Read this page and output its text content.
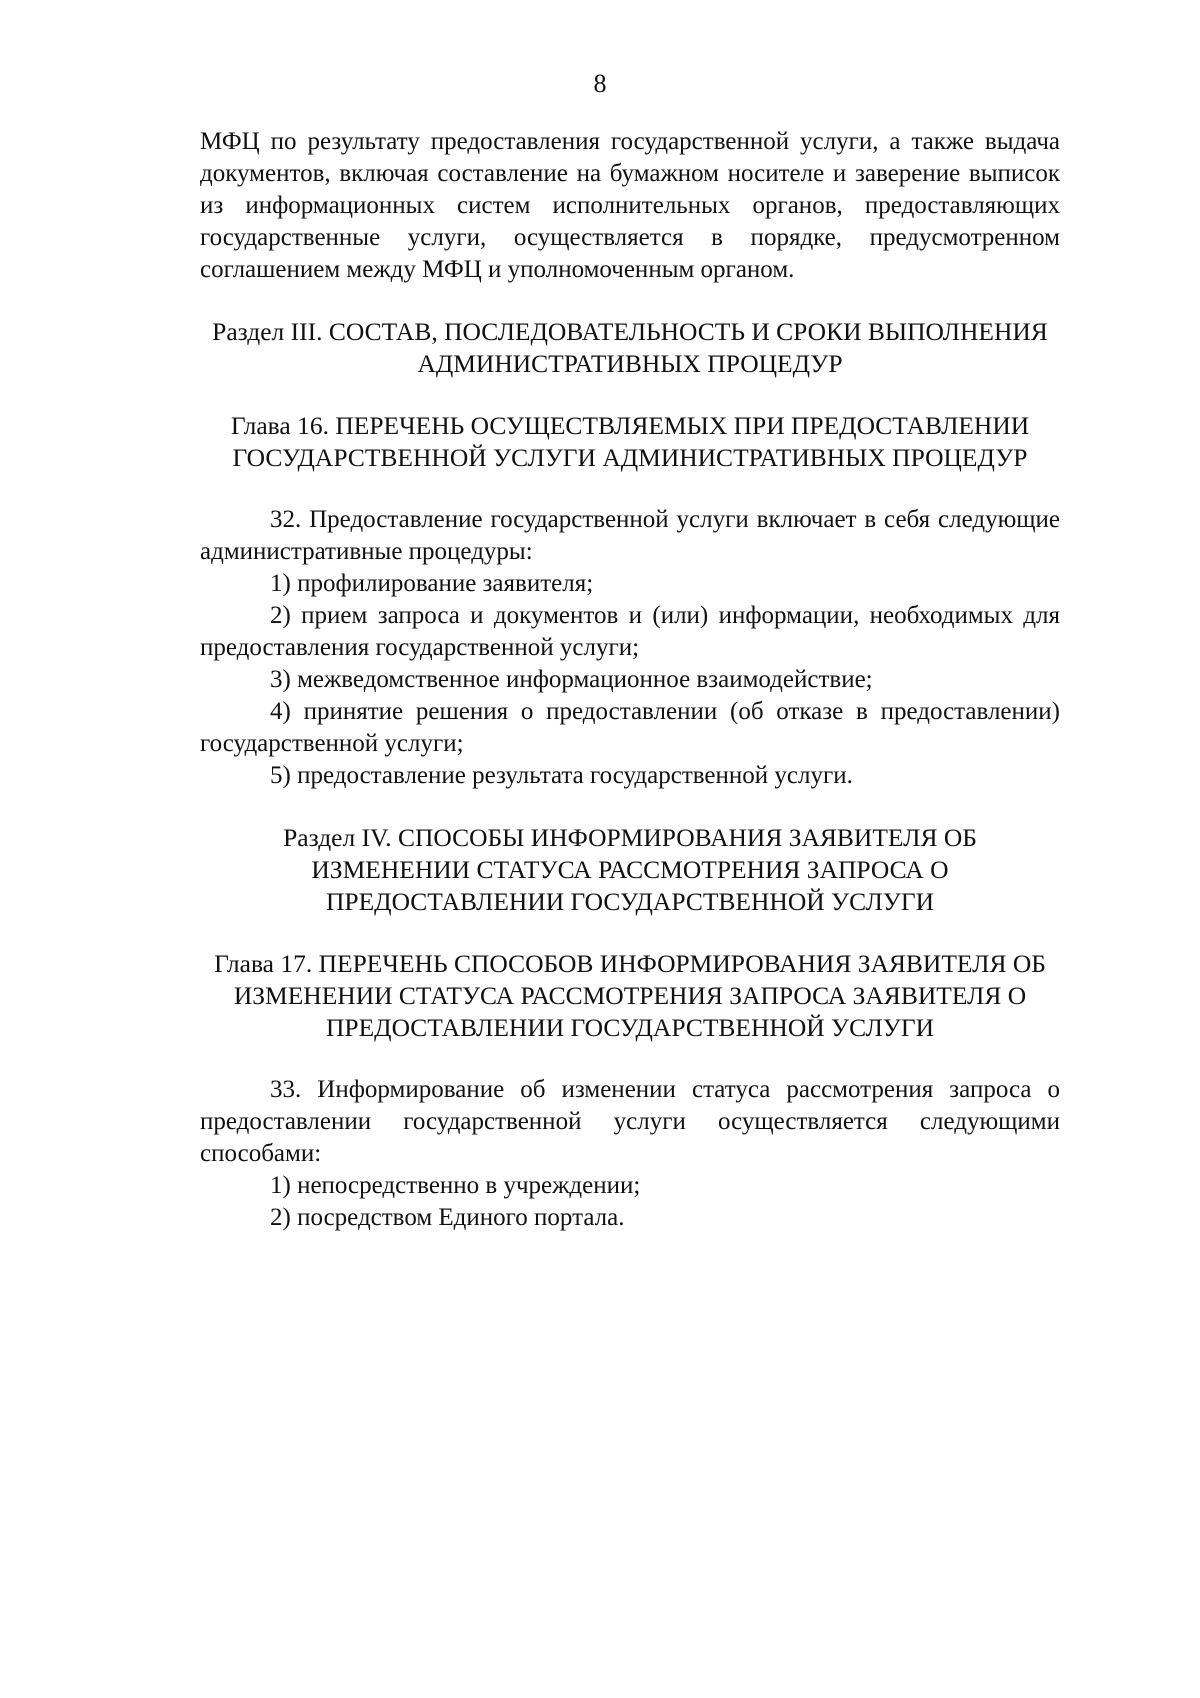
8

МФЦ по результату предоставления государственной услуги, а также выдача

документов, включая составление на бумажном носителе и заверение выписок

из информационных систем исполнительных органов, предоставляющих

государственные услуги, осуществляется в порядке, предусмотренном

соглашением между МФЦ и уполномоченным органом.

Раздел III. СОСТАВ, ПОСЛЕДОВАТЕЛЬНОСТЬ И СРОКИ ВЫПОЛНЕНИЯ

АДМИНИСТРАТИВНЫХ ПРОЦЕДУР

Глава 16. ПЕРЕЧЕНЬ ОСУЩЕСТВЛЯЕМЫХ ПРИ ПРЕДОСТАВЛЕНИИ

ГОСУДАРСТВЕННОЙ УСЛУГИ АДМИНИСТРАТИВНЫХ ПРОЦЕДУР

32. Предоставление государственной услуги включает в себя следующие административные процедуры:

1) профилирование заявителя;

2) прием запроса и документов и (или) информации, необходимых для предоставления государственной услуги;

3) межведомственное информационное взаимодействие;

4) принятие решения о предоставлении (об отказе в предоставлении) государственной услуги;

5) предоставление результата государственной услуги.

Раздел IV. СПОСОБЫ ИНФОРМИРОВАНИЯ ЗАЯВИТЕЛЯ ОБ

ИЗМЕНЕНИИ СТАТУСА РАССМОТРЕНИЯ ЗАПРОСА О

ПРЕДОСТАВЛЕНИИ ГОСУДАРСТВЕННОЙ УСЛУГИ

Глава 17. ПЕРЕЧЕНЬ СПОСОБОВ ИНФОРМИРОВАНИЯ ЗАЯВИТЕЛЯ ОБ

ИЗМЕНЕНИИ СТАТУСА РАССМОТРЕНИЯ ЗАПРОСА ЗАЯВИТЕЛЯ О

ПРЕДОСТАВЛЕНИИ ГОСУДАРСТВЕННОЙ УСЛУГИ

33. Информирование об изменении статуса рассмотрения запроса о предоставлении государственной услуги осуществляется следующими способами:

1) непосредственно в учреждении;

2) посредством Единого портала.
